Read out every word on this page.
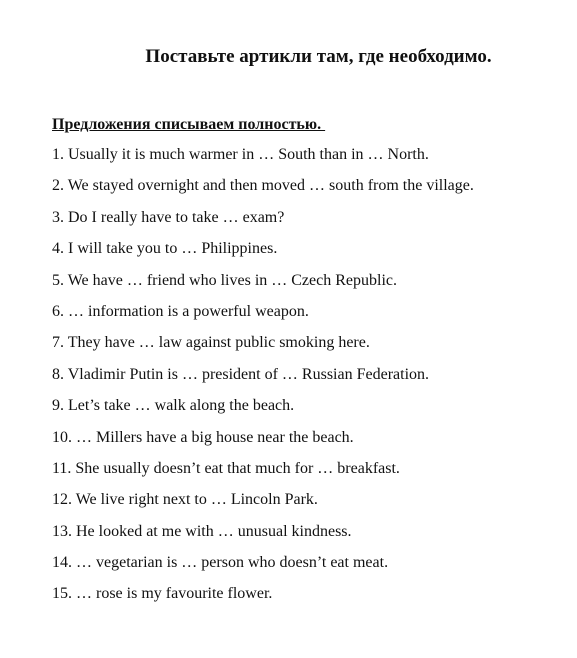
Поставьте артикли там, где необходимо.
Предложения списываем полностью.
1. Usually it is much warmer in … South than in … North.
2. We stayed overnight and then moved … south from the village.
3. Do I really have to take … exam?
4. I will take you to … Philippines.
5. We have … friend who lives in … Czech Republic.
6. … information is a powerful weapon.
7. They have … law against public smoking here.
8. Vladimir Putin is … president of … Russian Federation.
9. Let’s take … walk along the beach.
10. … Millers have a big house near the beach.
11. She usually doesn’t eat that much for … breakfast.
12. We live right next to … Lincoln Park.
13. He looked at me with … unusual kindness.
14. … vegetarian is … person who doesn’t eat meat.
15. … rose is my favourite flower.
